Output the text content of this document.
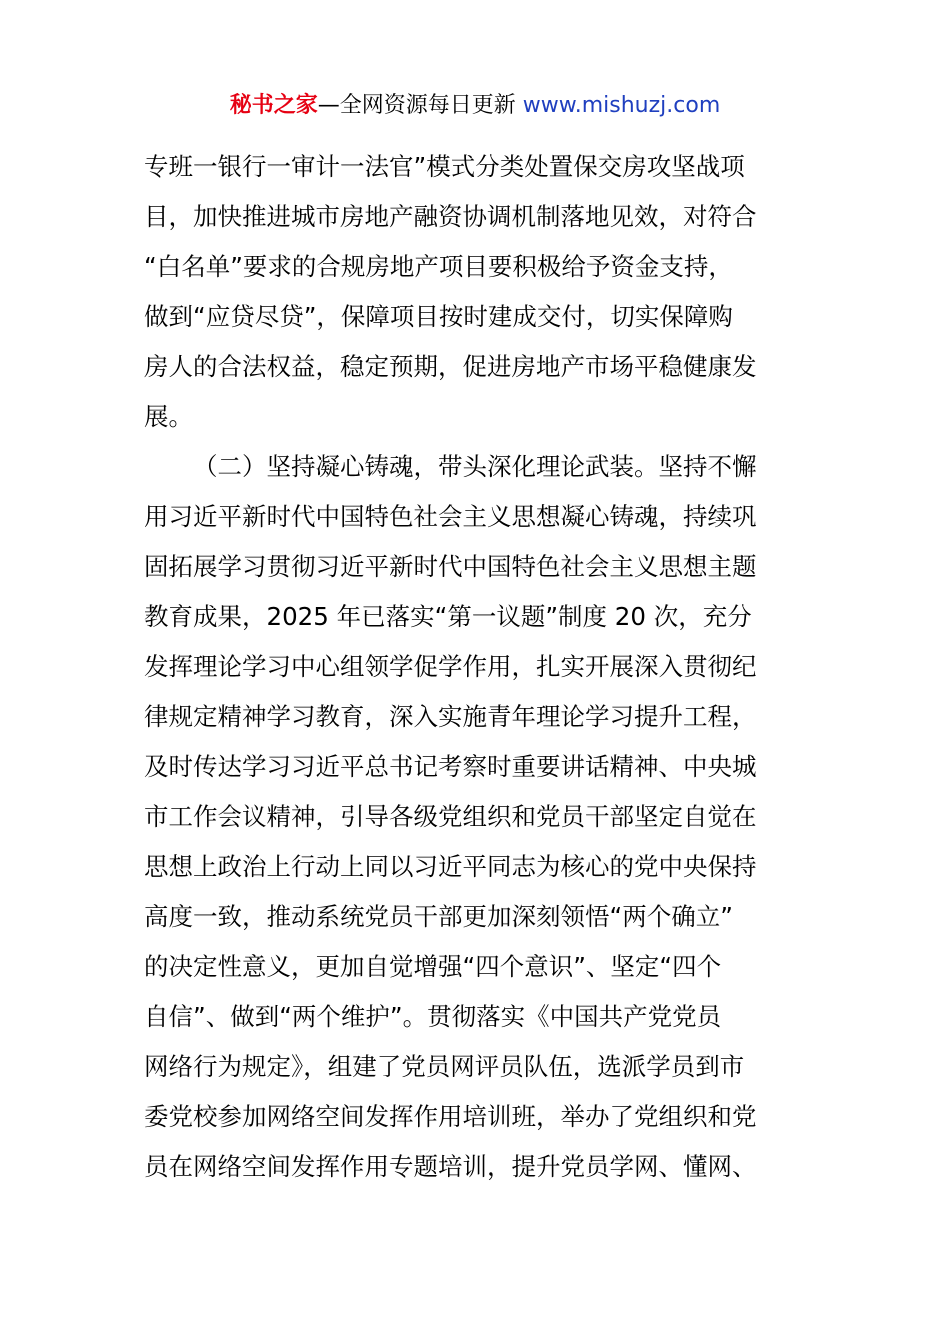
秘书之家—全网资源每日更新 www.mishuzj.com
专班一银行一审计一法官”模式分类处置保交房攻坚战项
目，加快推进城市房地产融资协调机制落地见效，对符合
“白名单”要求的合规房地产项目要积极给予资金支持，
做到“应贷尽贷”，保障项目按时建成交付，切实保障购
房人的合法权益，稳定预期，促进房地产市场平稳健康发
展。
（二）坚持凝心铸魂，带头深化理论武装。坚持不懈
用习近平新时代中国特色社会主义思想凝心铸魂，持续巩
固拓展学习贯彻习近平新时代中国特色社会主义思想主题
教育成果，2025 年已落实“第一议题”制度 20 次，充分
发挥理论学习中心组领学促学作用，扎实开展深入贯彻纪
律规定精神学习教育，深入实施青年理论学习提升工程，
及时传达学习习近平总书记考察时重要讲话精神、中央城
市工作会议精神，引导各级党组织和党员干部坚定自觉在
思想上政治上行动上同以习近平同志为核心的党中央保持
高度一致，推动系统党员干部更加深刻领悟“两个确立”
的决定性意义，更加自觉增强“四个意识”、坚定“四个
自信”、做到“两个维护”。贯彻落实《中国共产党党员
网络行为规定》，组建了党员网评员队伍，选派学员到市
委党校参加网络空间发挥作用培训班，举办了党组织和党
员在网络空间发挥作用专题培训，提升党员学网、懂网、
